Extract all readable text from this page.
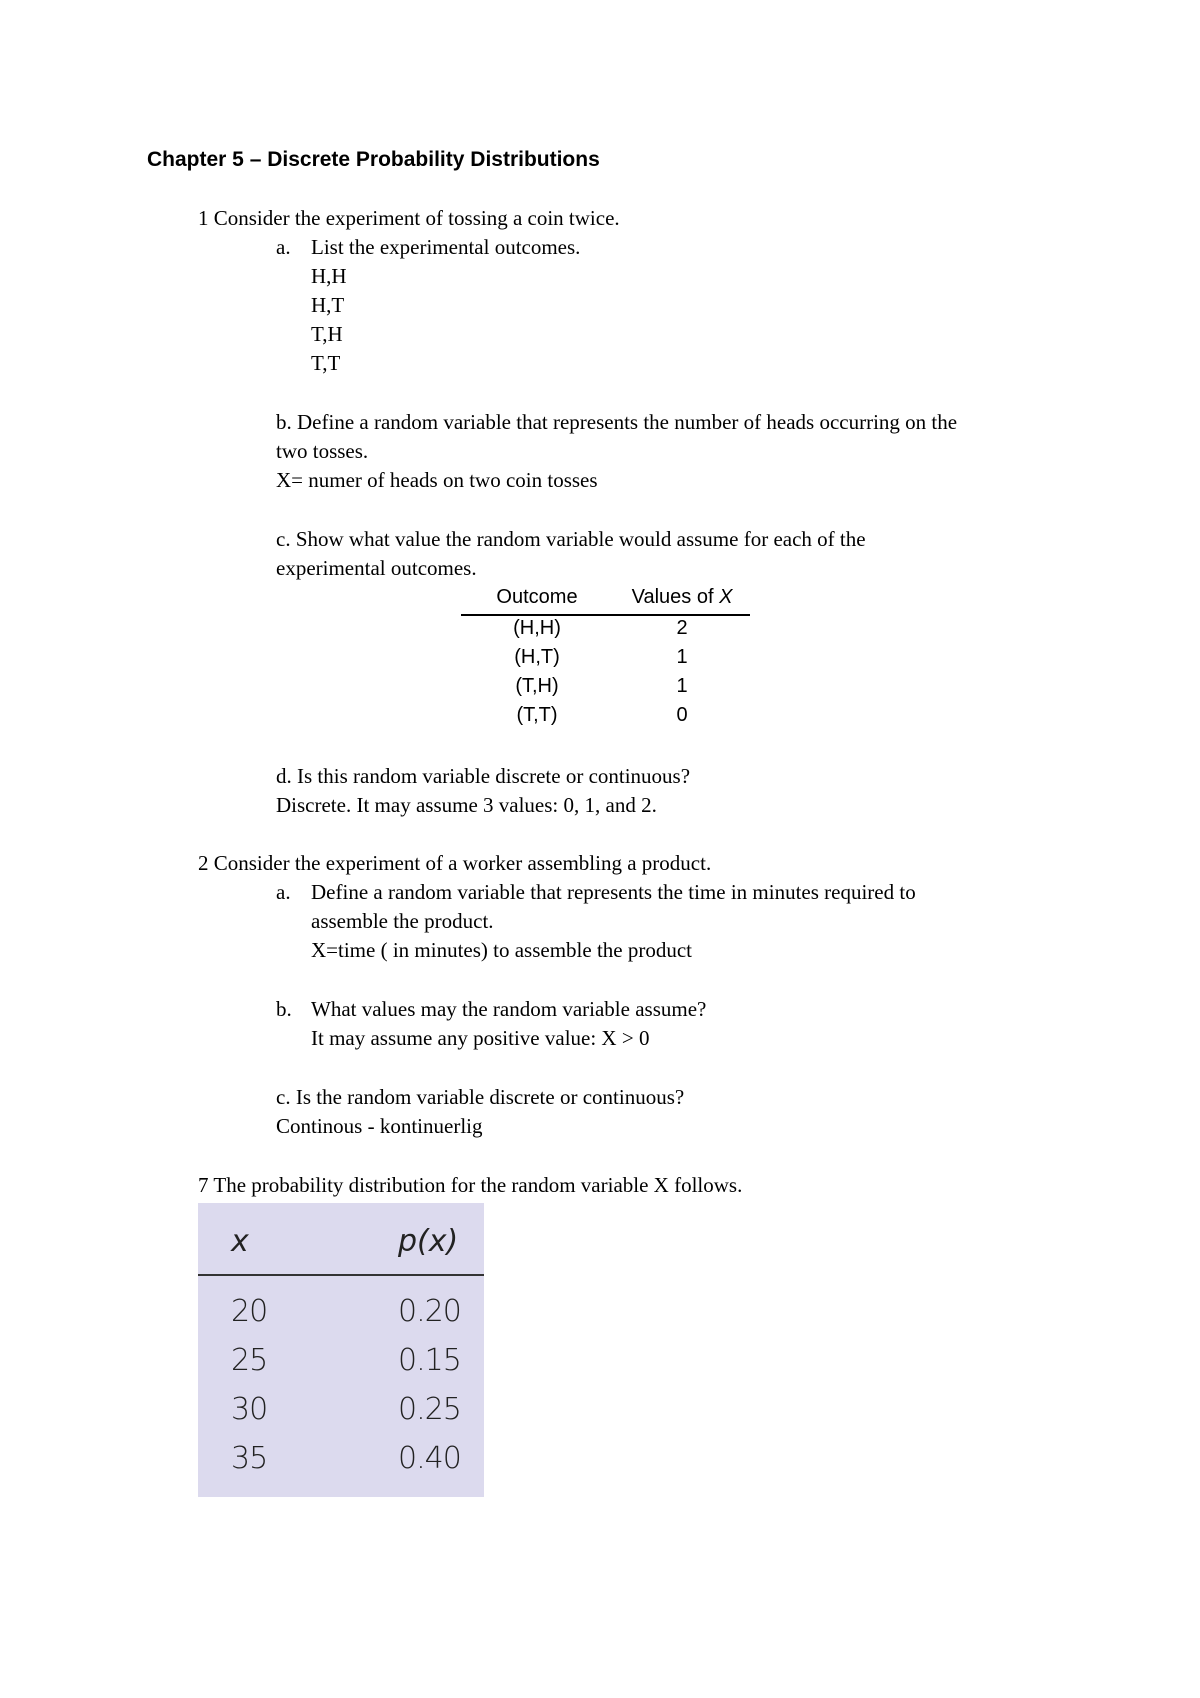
Chapter 5 – Discrete Probability Distributions
1 Consider the experiment of tossing a coin twice.
a. List the experimental outcomes.
H,H
H,T
T,H
T,T
b. Define a random variable that represents the number of heads occurring on the
two tosses.
X= numer of heads on two coin tosses
c. Show what value the random variable would assume for each of the
experimental outcomes.
Outcome	Values of X
(H,H)	2
(H,T)	1
(T,H)	1
(T,T)	0
d. Is this random variable discrete or continuous?
Discrete. It may assume 3 values: 0, 1, and 2.
2 Consider the experiment of a worker assembling a product.
a. Define a random variable that represents the time in minutes required to
assemble the product.
X=time ( in minutes) to assemble the product
b. What values may the random variable assume?
It may assume any positive value: X > 0
c. Is the random variable discrete or continuous?
Continous - kontinuerlig
7 The probability distribution for the random variable X follows.
x	p(x)
20	0.20
25	0.15
30	0.25
35	0.40
